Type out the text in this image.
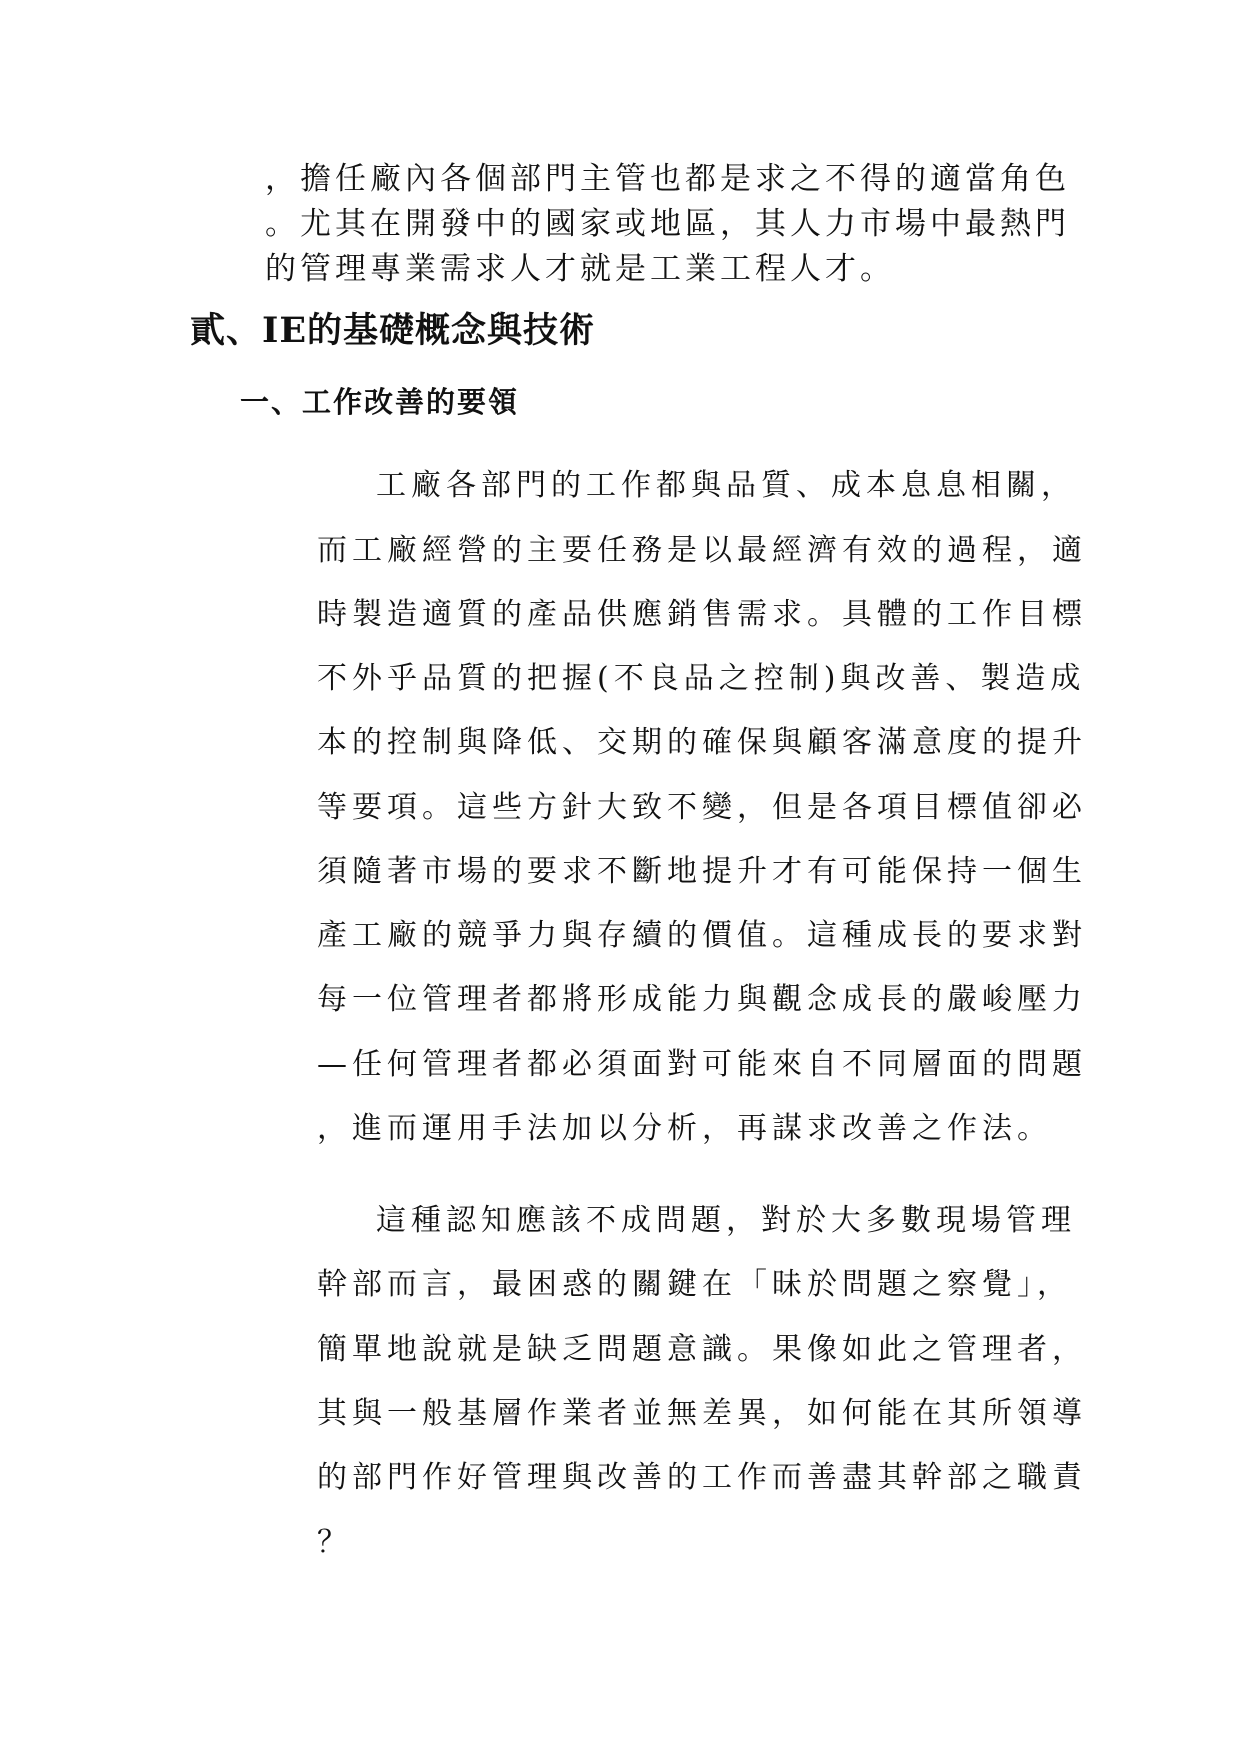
，擔任廠內各個部門主管也都是求之不得的適當角色

。尤其在開發中的國家或地區，其人力市場中最熱門

的管理專業需求人才就是工業工程人才。

貳、IE的基礎概念與技術
一、工作改善的要領

工廠各部門的工作都與品質、成本息息相關，

而工廠經營的主要任務是以最經濟有效的過程，適

時製造適質的產品供應銷售需求。具體的工作目標

不外乎品質的把握(不良品之控制)與改善、製造成

本的控制與降低、交期的確保與顧客滿意度的提升

等要項。這些方針大致不變，但是各項目標值卻必

須隨著市場的要求不斷地提升才有可能保持一個生

產工廠的競爭力與存續的價值。這種成長的要求對

每一位管理者都將形成能力與觀念成長的嚴峻壓力

—任何管理者都必須面對可能來自不同層面的問題

，進而運用手法加以分析，再謀求改善之作法。

這種認知應該不成問題，對於大多數現場管理

幹部而言，最困惑的關鍵在「昧於問題之察覺」，

簡單地說就是缺乏問題意識。果像如此之管理者，

其與一般基層作業者並無差異，如何能在其所領導

的部門作好管理與改善的工作而善盡其幹部之職責

？
